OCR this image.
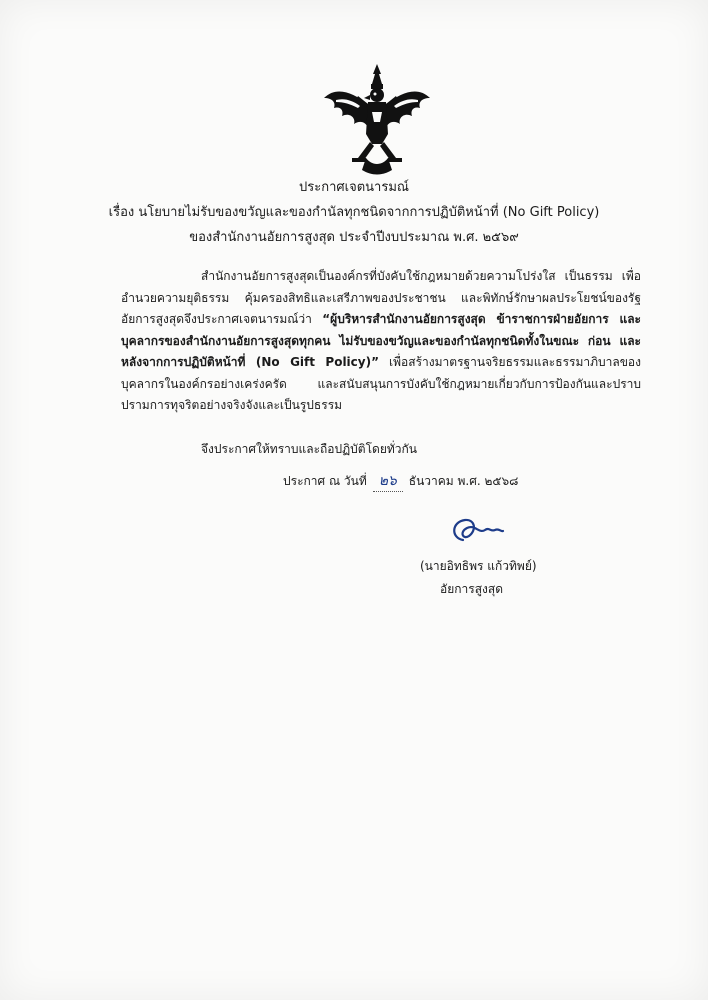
ประกาศเจตนารมณ์
เรื่อง นโยบายไม่รับของขวัญและของกำนัลทุกชนิดจากการปฏิบัติหน้าที่ (No Gift Policy)
ของสำนักงานอัยการสูงสุด ประจำปีงบประมาณ พ.ศ. ๒๕๖๙
สำนักงานอัยการสูงสุดเป็นองค์กรที่บังคับใช้กฎหมายด้วยความโปร่งใส เป็นธรรม เพื่ออำนวยความยุติธรรม คุ้มครองสิทธิและเสรีภาพของประชาชน และพิทักษ์รักษาผลประโยชน์ของรัฐ อัยการสูงสุดจึงประกาศเจตนารมณ์ว่า “ผู้บริหารสำนักงานอัยการสูงสุด ข้าราชการฝ่ายอัยการ และบุคลากรของสำนักงานอัยการสูงสุดทุกคน ไม่รับของขวัญและของกำนัลทุกชนิดทั้งในขณะ ก่อน และหลังจากการปฏิบัติหน้าที่ (No Gift Policy)” เพื่อสร้างมาตรฐานจริยธรรมและธรรมาภิบาลของบุคลากรในองค์กรอย่างเคร่งครัด และสนับสนุนการบังคับใช้กฎหมายเกี่ยวกับการป้องกันและปราบปรามการทุจริตอย่างจริงจังและเป็นรูปธรรม
จึงประกาศให้ทราบและถือปฏิบัติโดยทั่วกัน
ประกาศ ณ วันที่ ๒๖ ธันวาคม พ.ศ. ๒๕๖๘
(นายอิทธิพร แก้วทิพย์)
อัยการสูงสุด
